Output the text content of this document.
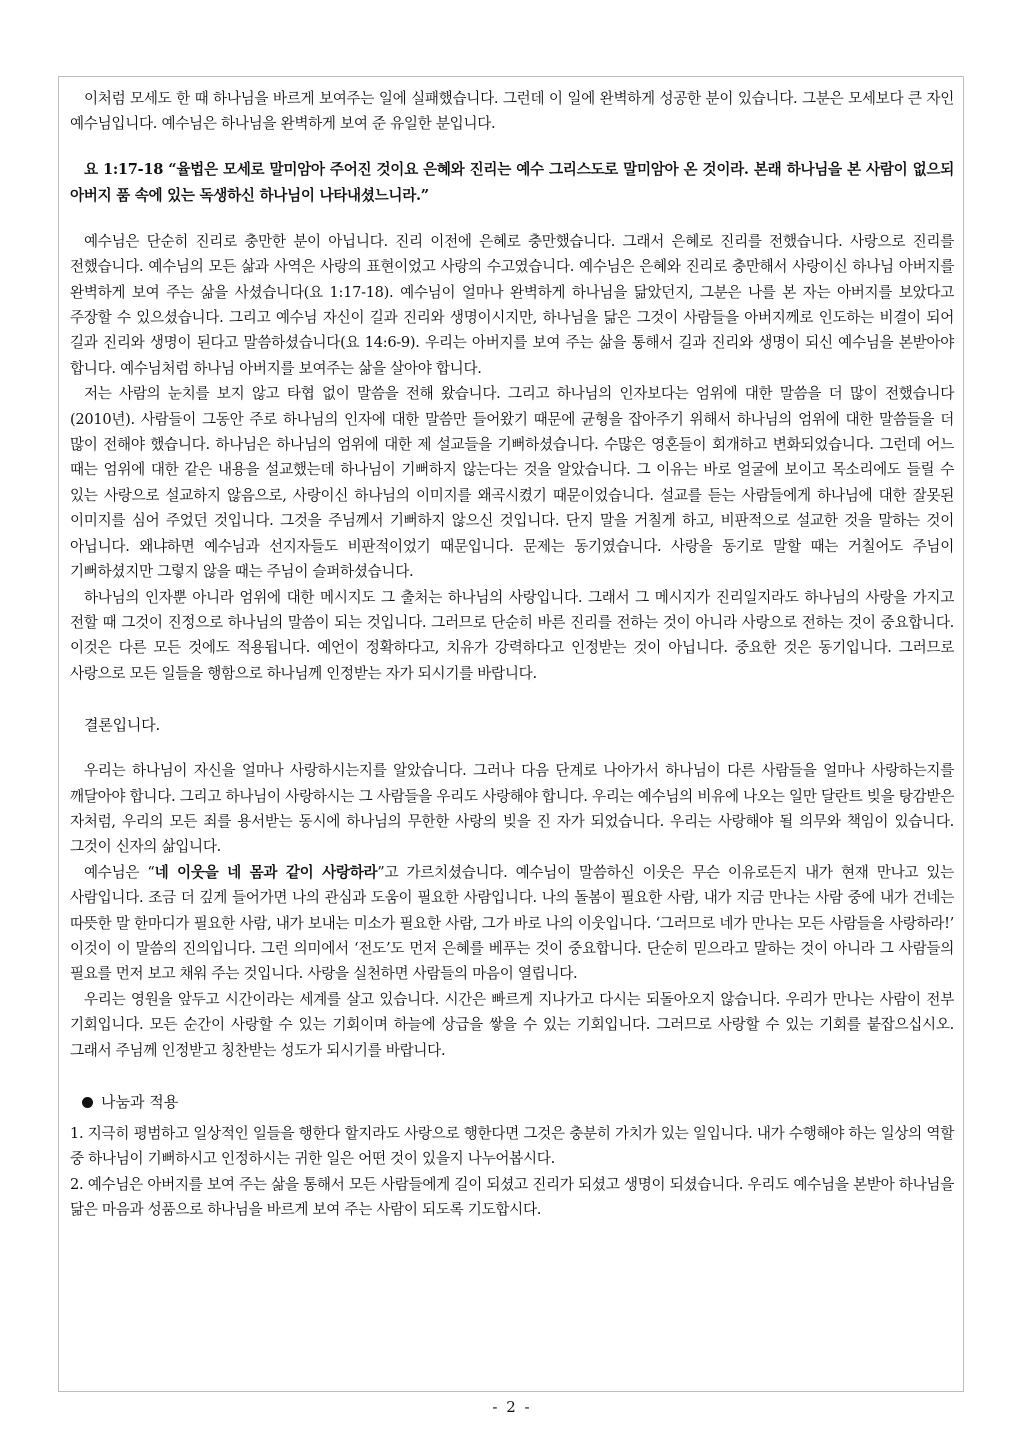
이처럼 모세도 한 때 하나님을 바르게 보여주는 일에 실패했습니다. 그런데 이 일에 완벽하게 성공한 분이 있습니다. 그분은 모세보다 큰 자인 예수님입니다. 예수님은 하나님을 완벽하게 보여 준 유일한 분입니다.

요 1:17-18 “율법은 모세로 말미암아 주어진 것이요 은혜와 진리는 예수 그리스도로 말미암아 온 것이라. 본래 하나님을 본 사람이 없으되 아버지 품 속에 있는 독생하신 하나님이 나타내셨느니라.”

예수님은 단순히 진리로 충만한 분이 아닙니다. 진리 이전에 은혜로 충만했습니다. 그래서 은혜로 진리를 전했습니다. 사랑으로 진리를 전했습니다. 예수님의 모든 삶과 사역은 사랑의 표현이었고 사랑의 수고였습니다. 예수님은 은혜와 진리로 충만해서 사랑이신 하나님 아버지를 완벽하게 보여 주는 삶을 사셨습니다(요 1:17-18). 예수님이 얼마나 완벽하게 하나님을 닮았던지, 그분은 나를 본 자는 아버지를 보았다고 주장할 수 있으셨습니다. 그리고 예수님 자신이 길과 진리와 생명이시지만, 하나님을 닮은 그것이 사람들을 아버지께로 인도하는 비결이 되어 길과 진리와 생명이 된다고 말씀하셨습니다(요 14:6-9). 우리는 아버지를 보여 주는 삶을 통해서 길과 진리와 생명이 되신 예수님을 본받아야 합니다. 예수님처럼 하나님 아버지를 보여주는 삶을 살아야 합니다.

저는 사람의 눈치를 보지 않고 타협 없이 말씀을 전해 왔습니다. 그리고 하나님의 인자보다는 엄위에 대한 말씀을 더 많이 전했습니다(2010년). 사람들이 그동안 주로 하나님의 인자에 대한 말씀만 들어왔기 때문에 균형을 잡아주기 위해서 하나님의 엄위에 대한 말씀들을 더 많이 전해야 했습니다. 하나님은 하나님의 엄위에 대한 제 설교들을 기뻐하셨습니다. 수많은 영혼들이 회개하고 변화되었습니다. 그런데 어느 때는 엄위에 대한 같은 내용을 설교했는데 하나님이 기뻐하지 않는다는 것을 알았습니다. 그 이유는 바로 얼굴에 보이고 목소리에도 들릴 수 있는 사랑으로 설교하지 않음으로, 사랑이신 하나님의 이미지를 왜곡시켰기 때문이었습니다. 설교를 듣는 사람들에게 하나님에 대한 잘못된 이미지를 심어 주었던 것입니다. 그것을 주님께서 기뻐하지 않으신 것입니다. 단지 말을 거칠게 하고, 비판적으로 설교한 것을 말하는 것이 아닙니다. 왜냐하면 예수님과 선지자들도 비판적이었기 때문입니다. 문제는 동기였습니다. 사랑을 동기로 말할 때는 거칠어도 주님이 기뻐하셨지만 그렇지 않을 때는 주님이 슬퍼하셨습니다.

하나님의 인자뿐 아니라 엄위에 대한 메시지도 그 출처는 하나님의 사랑입니다. 그래서 그 메시지가 진리일지라도 하나님의 사랑을 가지고 전할 때 그것이 진정으로 하나님의 말씀이 되는 것입니다. 그러므로 단순히 바른 진리를 전하는 것이 아니라 사랑으로 전하는 것이 중요합니다. 이것은 다른 모든 것에도 적용됩니다. 예언이 정확하다고, 치유가 강력하다고 인정받는 것이 아닙니다. 중요한 것은 동기입니다. 그러므로 사랑으로 모든 일들을 행함으로 하나님께 인정받는 자가 되시기를 바랍니다.

결론입니다.

우리는 하나님이 자신을 얼마나 사랑하시는지를 알았습니다. 그러나 다음 단계로 나아가서 하나님이 다른 사람들을 얼마나 사랑하는지를 깨달아야 합니다. 그리고 하나님이 사랑하시는 그 사람들을 우리도 사랑해야 합니다. 우리는 예수님의 비유에 나오는 일만 달란트 빚을 탕감받은 자처럼, 우리의 모든 죄를 용서받는 동시에 하나님의 무한한 사랑의 빚을 진 자가 되었습니다. 우리는 사랑해야 될 의무와 책임이 있습니다. 그것이 신자의 삶입니다.

예수님은 “네 이웃을 네 몸과 같이 사랑하라”고 가르치셨습니다. 예수님이 말씀하신 이웃은 무슨 이유로든지 내가 현재 만나고 있는 사람입니다. 조금 더 깊게 들어가면 나의 관심과 도움이 필요한 사람입니다. 나의 돌봄이 필요한 사람, 내가 지금 만나는 사람 중에 내가 건네는 따뜻한 말 한마디가 필요한 사람, 내가 보내는 미소가 필요한 사람, 그가 바로 나의 이웃입니다. ‘그러므로 네가 만나는 모든 사람들을 사랑하라!’ 이것이 이 말씀의 진의입니다. 그런 의미에서 ‘전도’도 먼저 은혜를 베푸는 것이 중요합니다. 단순히 믿으라고 말하는 것이 아니라 그 사람들의 필요를 먼저 보고 채워 주는 것입니다. 사랑을 실천하면 사람들의 마음이 열립니다.

우리는 영원을 앞두고 시간이라는 세계를 살고 있습니다. 시간은 빠르게 지나가고 다시는 되돌아오지 않습니다. 우리가 만나는 사람이 전부 기회입니다. 모든 순간이 사랑할 수 있는 기회이며 하늘에 상급을 쌓을 수 있는 기회입니다. 그러므로 사랑할 수 있는 기회를 붙잡으십시오. 그래서 주님께 인정받고 칭찬받는 성도가 되시기를 바랍니다.

나눔과 적용

1. 지극히 평범하고 일상적인 일들을 행한다 할지라도 사랑으로 행한다면 그것은 충분히 가치가 있는 일입니다. 내가 수행해야 하는 일상의 역할 중 하나님이 기뻐하시고 인정하시는 귀한 일은 어떤 것이 있을지 나누어봅시다.

2. 예수님은 아버지를 보여 주는 삶을 통해서 모든 사람들에게 길이 되셨고 진리가 되셨고 생명이 되셨습니다. 우리도 예수님을 본받아 하나님을 닮은 마음과 성품으로 하나님을 바르게 보여 주는 사람이 되도록 기도합시다.

- 2 -
